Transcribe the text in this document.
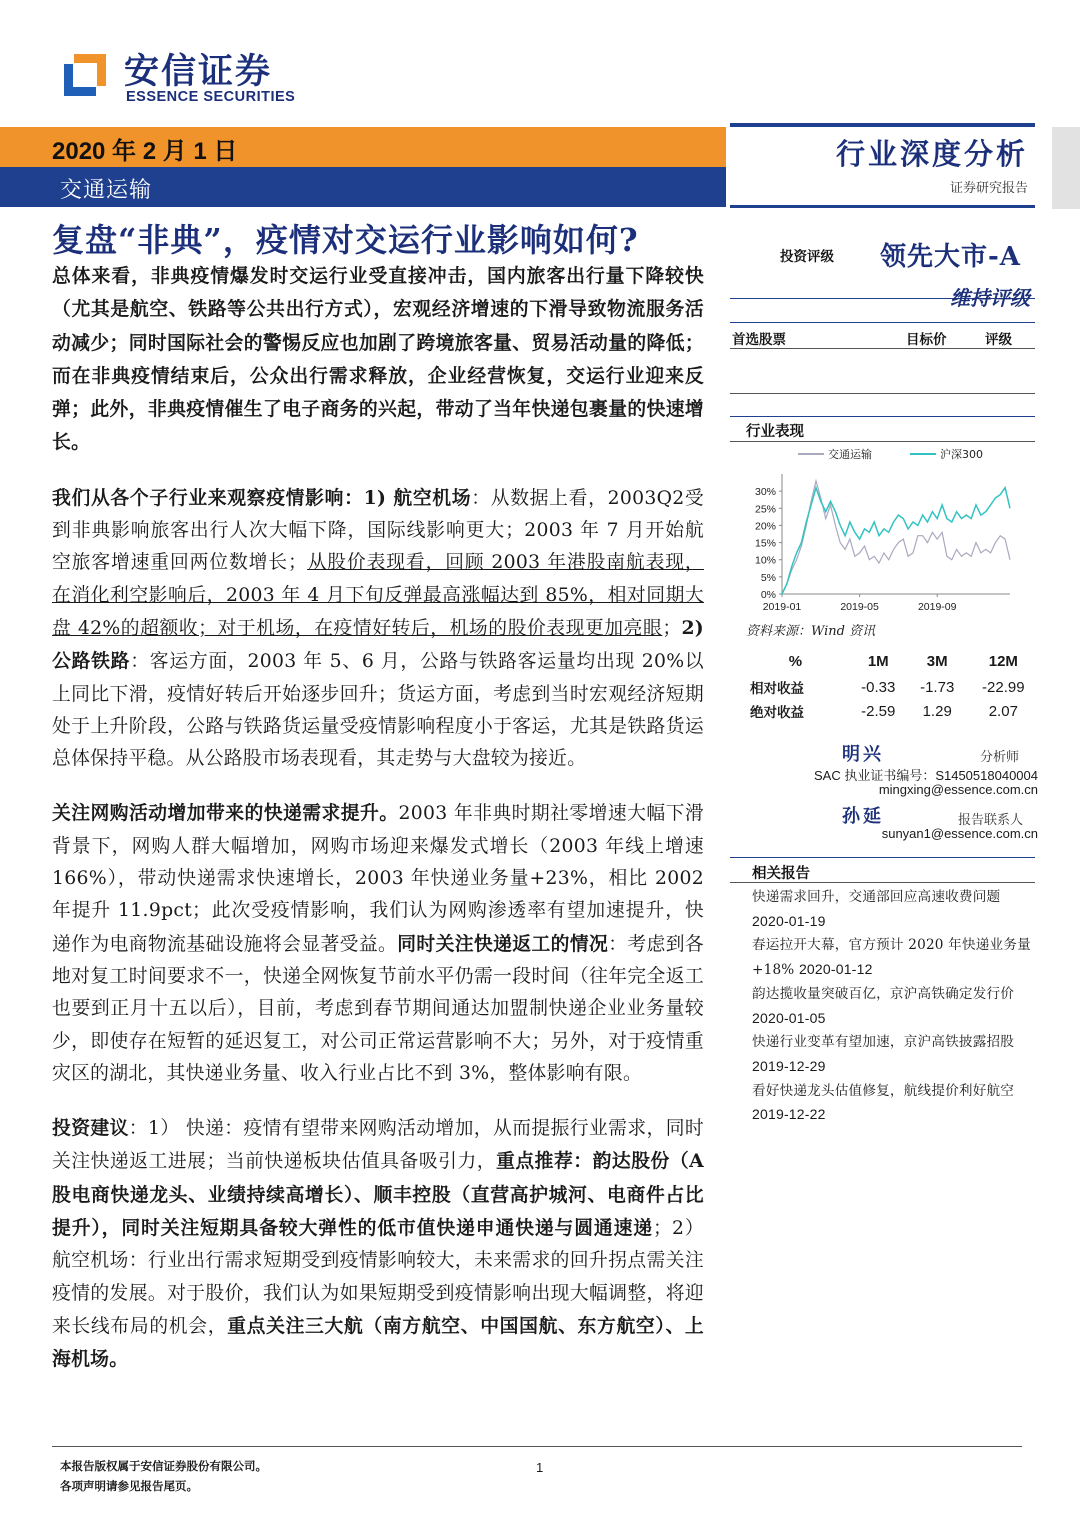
安信证券
ESSENCE SECURITIES
2020 年 2 月 1 日
交通运输
行业深度分析
证券研究报告
复盘“非典”，疫情对交运行业影响如何?

总体来看，非典疫情爆发时交运行业受直接冲击，国内旅客出行量下降较快（尤其是航空、铁路等公共出行方式），宏观经济增速的下滑导致物流服务活动减少；同时国际社会的警惕反应也加剧了跨境旅客量、贸易活动量的降低；而在非典疫情结束后，公众出行需求释放，企业经营恢复，交运行业迎来反弹；此外，非典疫情催生了电子商务的兴起，带动了当年快递包裹量的快速增长。

我们从各个子行业来观察疫情影响：1) 航空机场：从数据上看，2003Q2受到非典影响旅客出行人次大幅下降，国际线影响更大；2003 年 7 月开始航空旅客增速重回两位数增长；从股价表现看，回顾 2003 年港股南航表现，在消化利空影响后，2003 年 4 月下旬反弹最高涨幅达到 85%，相对同期大盘 42%的超额收；对于机场，在疫情好转后，机场的股价表现更加亮眼；2) 公路铁路：客运方面，2003 年 5、6 月，公路与铁路客运量均出现 20%以上同比下滑，疫情好转后开始逐步回升；货运方面，考虑到当时宏观经济短期处于上升阶段，公路与铁路货运量受疫情影响程度小于客运，尤其是铁路货运总体保持平稳。从公路股市场表现看，其走势与大盘较为接近。

关注网购活动增加带来的快递需求提升。2003 年非典时期社零增速大幅下滑背景下，网购人群大幅增加，网购市场迎来爆发式增长（2003 年线上增速 166%），带动快递需求快速增长，2003 年快递业务量+23%，相比 2002 年提升 11.9pct；此次受疫情影响，我们认为网购渗透率有望加速提升，快递作为电商物流基础设施将会显著受益。同时关注快递返工的情况：考虑到各地对复工时间要求不一，快递全网恢复节前水平仍需一段时间（往年完全返工也要到正月十五以后），目前，考虑到春节期间通达加盟制快递企业业务量较少，即使存在短暂的延迟复工，对公司正常运营影响不大；另外，对于疫情重灾区的湖北，其快递业务量、收入行业占比不到 3%，整体影响有限。

投资建议：1） 快递：疫情有望带来网购活动增加，从而提振行业需求，同时关注快递返工进展；当前快递板块估值具备吸引力，重点推荐：韵达股份（A 股电商快递龙头、业绩持续高增长）、顺丰控股（直营高护城河、电商件占比提升），同时关注短期具备较大弹性的低市值快递申通快递与圆通速递；2） 航空机场：行业出行需求短期受到疫情影响较大，未来需求的回升拐点需关注疫情的发展。对于股价，我们认为如果短期受到疫情影响出现大幅调整，将迎来长线布局的机会，重点关注三大航（南方航空、中国国航、东方航空）、上海机场。

投资评级 领先大市-A
维持评级
首选股票	目标价	评级
行业表现
0%
5%
10%
15%
20%
25%
30%
2019-01	2019-05	2019-09
交通运输	沪深300
资料来源：Wind 资讯
%	1M	3M	12M
相对收益	-0.33	-1.73	-22.99
绝对收益	-2.59	1.29	2.07
明兴	分析师
SAC 执业证书编号：S1450518040004
mingxing@essence.com.cn
孙延	报告联系人
sunyan1@essence.com.cn
相关报告

快递需求回升，交通部回应高速收费问题 2020-01-19

春运拉开大幕，官方预计 2020 年快递业务量+18% 2020-01-12

韵达揽收量突破百亿，京沪高铁确定发行价 2020-01-05

快递行业变革有望加速，京沪高铁披露招股 2019-12-29

看好快递龙头估值修复，航线提价利好航空 2019-12-22

本报告版权属于安信证券股份有限公司。
各项声明请参见报告尾页。
1
